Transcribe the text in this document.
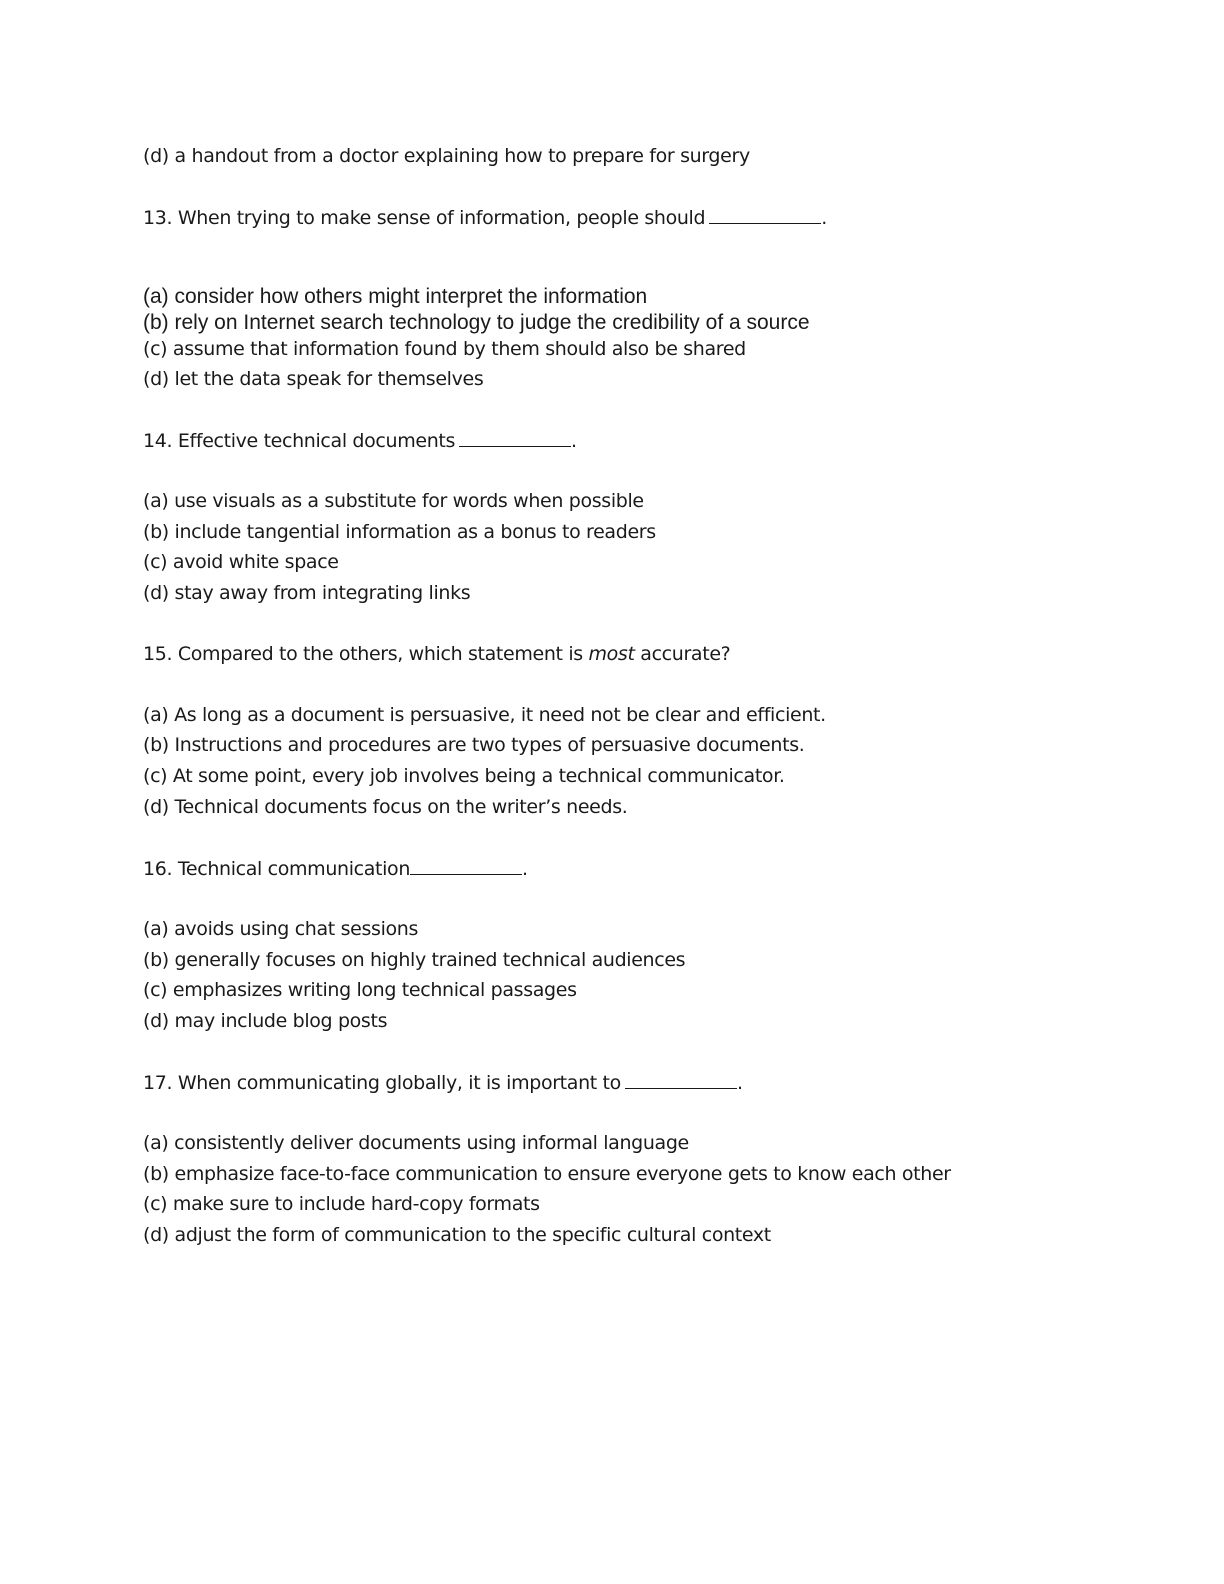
(d) a handout from a doctor explaining how to prepare for surgery
13. When trying to make sense of information, people should	.
(a) consider how others might interpret the information
(b) rely on Internet search technology to judge the credibility of a source
(c) assume that information found by them should also be shared
(d) let the data speak for themselves
14. Effective technical documents	.
(a) use visuals as a substitute for words when possible
(b) include tangential information as a bonus to readers
(c) avoid white space
(d) stay away from integrating links
15. Compared to the others, which statement is most accurate?
(a) As long as a document is persuasive, it need not be clear and efficient.
(b) Instructions and procedures are two types of persuasive documents.
(c) At some point, every job involves being a technical communicator.
(d) Technical documents focus on the writer’s needs.
16. Technical communication	.
(a) avoids using chat sessions
(b) generally focuses on highly trained technical audiences
(c) emphasizes writing long technical passages
(d) may include blog posts
17. When communicating globally, it is important to	.
(a) consistently deliver documents using informal language
(b) emphasize face-to-face communication to ensure everyone gets to know each other
(c) make sure to include hard-copy formats
(d) adjust the form of communication to the specific cultural context
